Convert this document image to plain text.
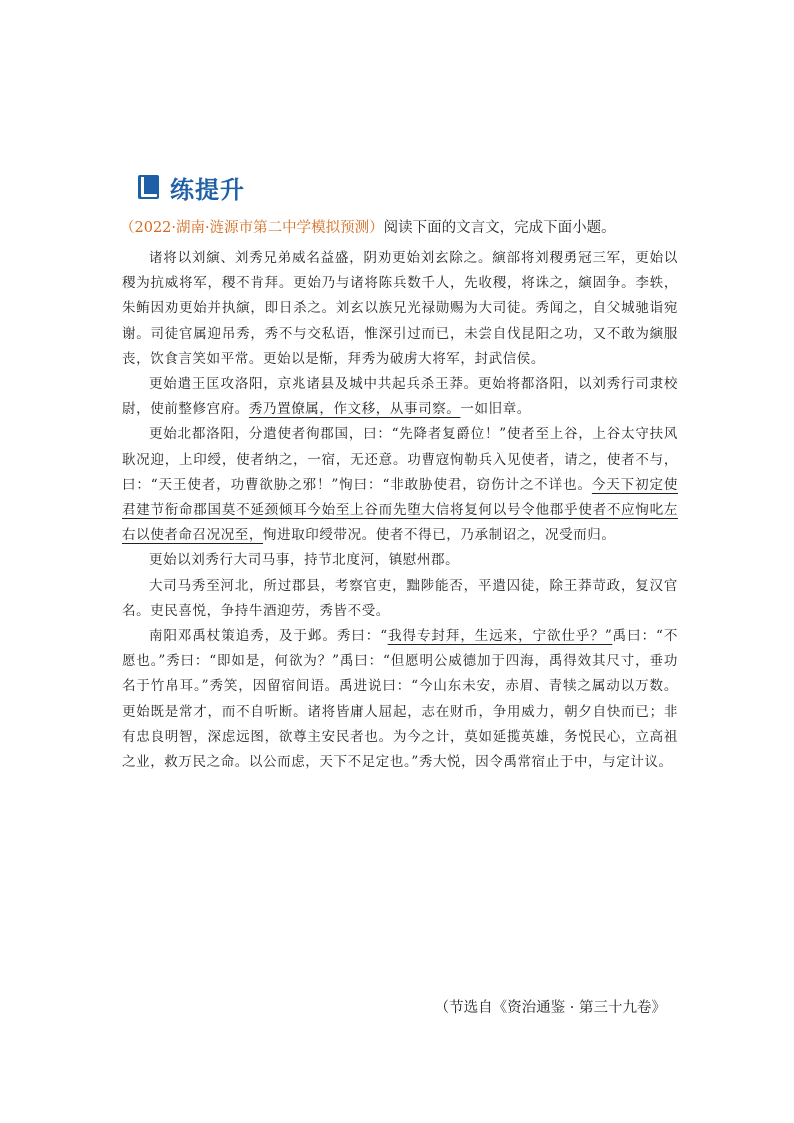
练提升
（2022·湖南·涟源市第二中学模拟预测）阅读下面的文言文，完成下面小题。

诸将以刘縯、刘秀兄弟威名益盛，阴劝更始刘玄除之。縯部将刘稷勇冠三军，更始以稷为抗威将军，稷不肯拜。更始乃与诸将陈兵数千人，先收稷，将诛之，縯固争。李轶，朱鲔因劝更始并执縯，即日杀之。刘玄以族兄光禄勋赐为大司徒。秀闻之，自父城驰诣宛谢。司徒官属迎吊秀，秀不与交私语，惟深引过而已，未尝自伐昆阳之功，又不敢为縯服丧，饮食言笑如平常。更始以是惭，拜秀为破虏大将军，封武信侯。

更始遣王匡攻洛阳，京兆诸县及城中共起兵杀王莽。更始将都洛阳，以刘秀行司隶校尉，使前整修宫府。秀乃置僚属，作文移，从事司察。一如旧章。

更始北都洛阳，分遣使者徇郡国，曰：“先降者复爵位！”使者至上谷，上谷太守扶风耿况迎，上印绶，使者纳之，一宿，无还意。功曹寇恂勒兵入见使者，请之，使者不与，曰：“天王使者，功曹欲胁之邪！”恂曰：“非敢胁使君，窃伤计之不详也。今天下初定使君建节衔命郡国莫不延颈倾耳今始至上谷而先堕大信将复何以号令他郡乎使者不应恂叱左右以使者命召况况至，恂进取印绶带况。使者不得已，乃承制诏之，况受而归。

更始以刘秀行大司马事，持节北度河，镇慰州郡。

大司马秀至河北，所过郡县，考察官吏，黜陟能否，平遣囚徒，除王莽苛政，复汉官名。吏民喜悦，争持牛酒迎劳，秀皆不受。

南阳邓禹杖策追秀，及于邺。秀曰：“我得专封拜，生远来，宁欲仕乎？”禹曰：“不愿也。”秀曰：“即如是，何欲为？”禹曰：“但愿明公威德加于四海，禹得效其尺寸，垂功名于竹帛耳。”秀笑，因留宿间语。禹进说曰：“今山东未安，赤眉、青犊之属动以万数。更始既是常才，而不自听断。诸将皆庸人屈起，志在财币，争用威力，朝夕自快而已；非有忠良明智，深虑远图，欲尊主安民者也。为今之计，莫如延揽英雄，务悦民心，立高祖之业，救万民之命。以公而虑，天下不足定也。”秀大悦，因令禹常宿止于中，与定计议。

（节选自《资治通鉴 · 第三十九卷》
